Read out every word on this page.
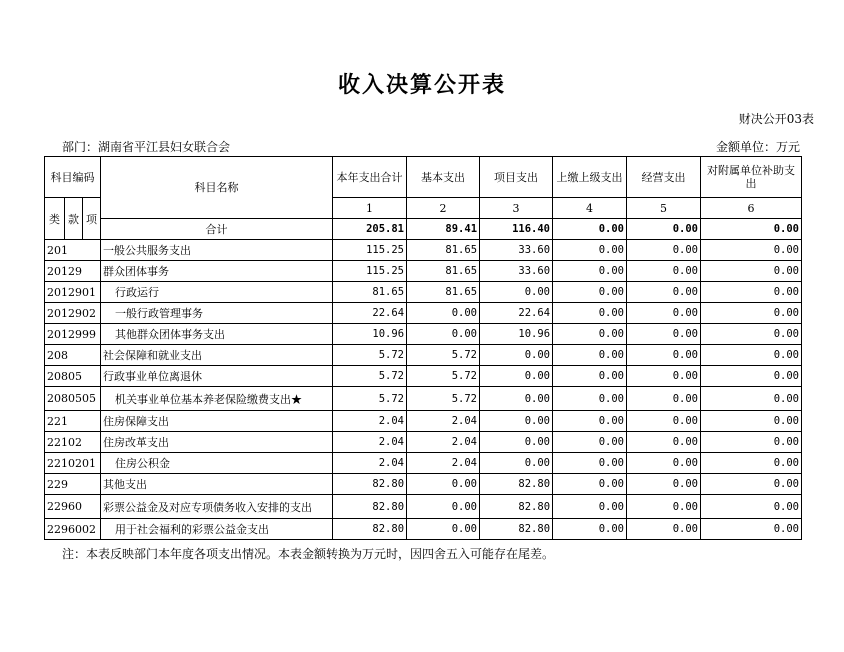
收入决算公开表
财决公开03表
部门：湖南省平江县妇女联合会	金额单位：万元
科目编码			科目名称	本年支出合计	基本支出	项目支出	上缴上级支出	经营支出	对附属单位补助支出
类	款	项		1	2	3	4	5	6
			合计	205.81	89.41	116.40	0.00	0.00	0.00
201			一般公共服务支出	115.25	81.65	33.60	0.00	0.00	0.00
20129			群众团体事务	115.25	81.65	33.60	0.00	0.00	0.00
2012901			行政运行	81.65	81.65	0.00	0.00	0.00	0.00
2012902			一般行政管理事务	22.64	0.00	22.64	0.00	0.00	0.00
2012999			其他群众团体事务支出	10.96	0.00	10.96	0.00	0.00	0.00
208			社会保障和就业支出	5.72	5.72	0.00	0.00	0.00	0.00
20805			行政事业单位离退休	5.72	5.72	0.00	0.00	0.00	0.00
2080505			机关事业单位基本养老保险缴费支出★	5.72	5.72	0.00	0.00	0.00	0.00
221			住房保障支出	2.04	2.04	0.00	0.00	0.00	0.00
22102			住房改革支出	2.04	2.04	0.00	0.00	0.00	0.00
2210201			住房公积金	2.04	2.04	0.00	0.00	0.00	0.00
229			其他支出	82.80	0.00	82.80	0.00	0.00	0.00
22960			彩票公益金及对应专项债务收入安排的支出	82.80	0.00	82.80	0.00	0.00	0.00
2296002			用于社会福利的彩票公益金支出	82.80	0.00	82.80	0.00	0.00	0.00
注：本表反映部门本年度各项支出情况。本表金额转换为万元时，因四舍五入可能存在尾差。
